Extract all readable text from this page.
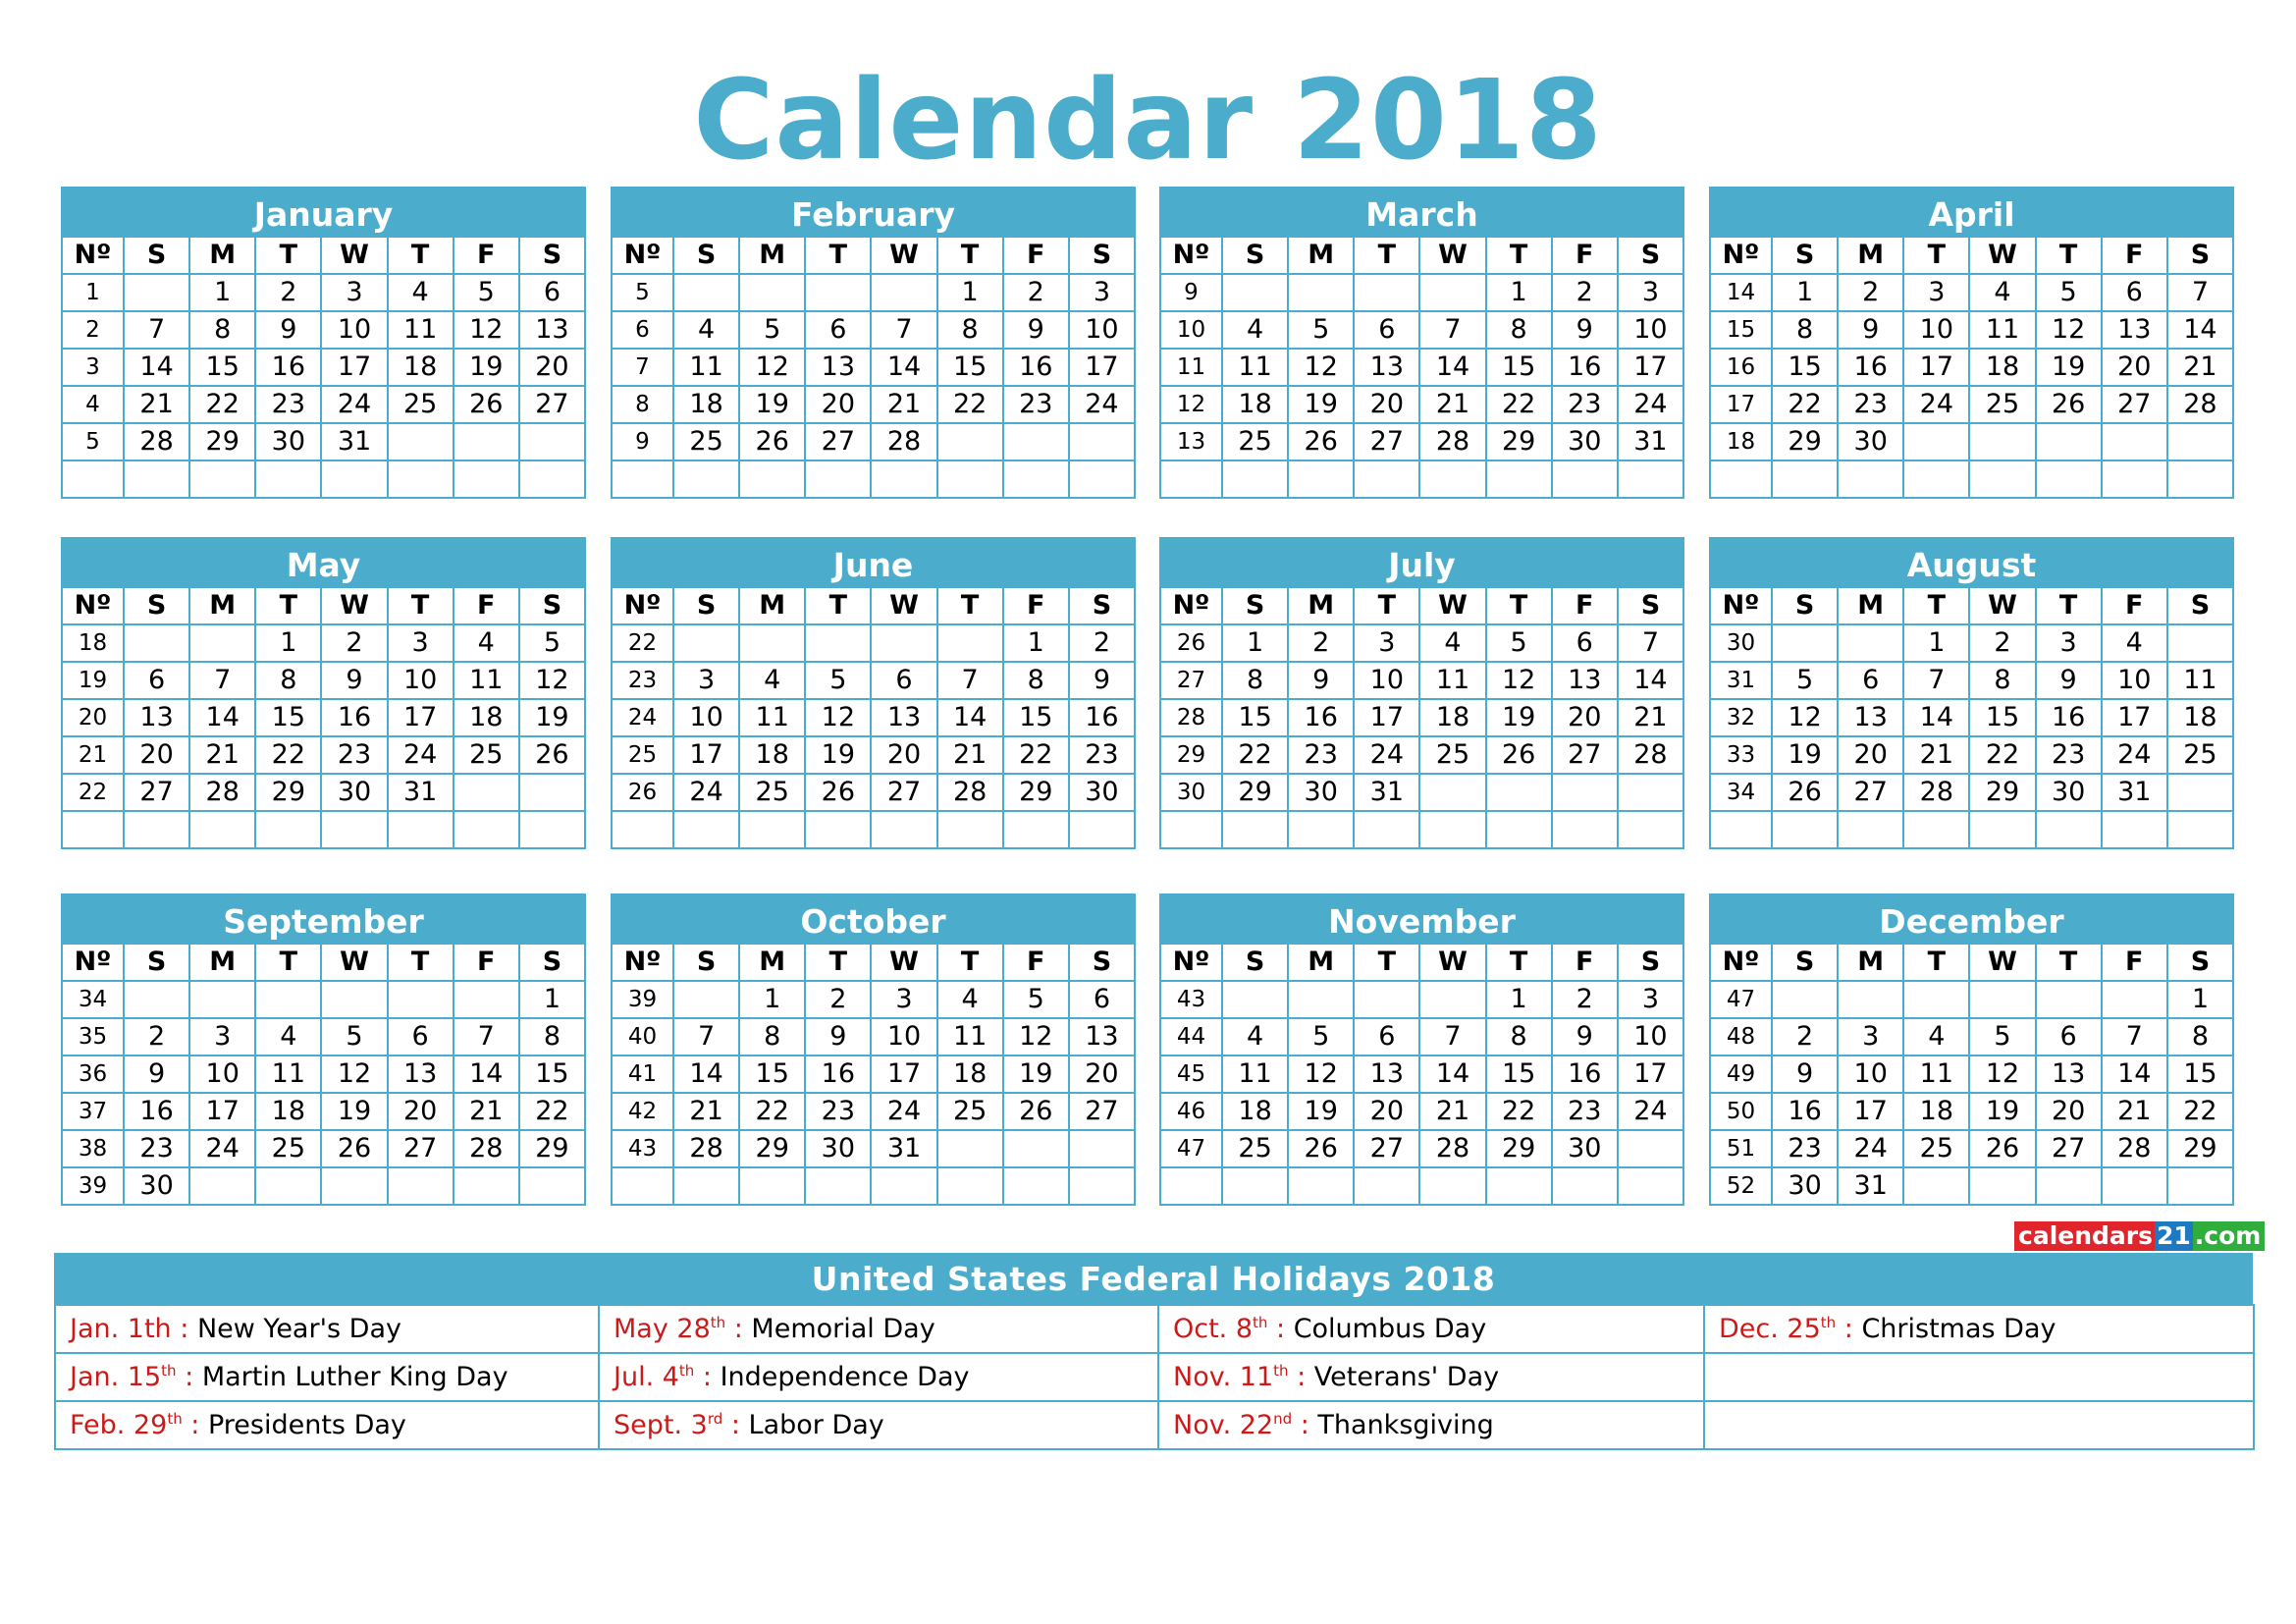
Calendar 2018
January
Nº	S	M	T	W	T	F	S
1		1	2	3	4	5	6
2	7	8	9	10	11	12	13
3	14	15	16	17	18	19	20
4	21	22	23	24	25	26	27
5	28	29	30	31			

February
Nº	S	M	T	W	T	F	S
5					1	2	3
6	4	5	6	7	8	9	10
7	11	12	13	14	15	16	17
8	18	19	20	21	22	23	24
9	25	26	27	28			

March
Nº	S	M	T	W	T	F	S
9					1	2	3
10	4	5	6	7	8	9	10
11	11	12	13	14	15	16	17
12	18	19	20	21	22	23	24
13	25	26	27	28	29	30	31

April
Nº	S	M	T	W	T	F	S
14	1	2	3	4	5	6	7
15	8	9	10	11	12	13	14
16	15	16	17	18	19	20	21
17	22	23	24	25	26	27	28
18	29	30					

May
Nº	S	M	T	W	T	F	S
18			1	2	3	4	5
19	6	7	8	9	10	11	12
20	13	14	15	16	17	18	19
21	20	21	22	23	24	25	26
22	27	28	29	30	31		

June
Nº	S	M	T	W	T	F	S
22						1	2
23	3	4	5	6	7	8	9
24	10	11	12	13	14	15	16
25	17	18	19	20	21	22	23
26	24	25	26	27	28	29	30

July
Nº	S	M	T	W	T	F	S
26	1	2	3	4	5	6	7
27	8	9	10	11	12	13	14
28	15	16	17	18	19	20	21
29	22	23	24	25	26	27	28
30	29	30	31				

August
Nº	S	M	T	W	T	F	S
30			1	2	3	4	
31	5	6	7	8	9	10	11
32	12	13	14	15	16	17	18
33	19	20	21	22	23	24	25
34	26	27	28	29	30	31	

September
Nº	S	M	T	W	T	F	S
34							1
35	2	3	4	5	6	7	8
36	9	10	11	12	13	14	15
37	16	17	18	19	20	21	22
38	23	24	25	26	27	28	29
39	30						
October
Nº	S	M	T	W	T	F	S
39		1	2	3	4	5	6
40	7	8	9	10	11	12	13
41	14	15	16	17	18	19	20
42	21	22	23	24	25	26	27
43	28	29	30	31			

November
Nº	S	M	T	W	T	F	S
43					1	2	3
44	4	5	6	7	8	9	10
45	11	12	13	14	15	16	17
46	18	19	20	21	22	23	24
47	25	26	27	28	29	30	

December
Nº	S	M	T	W	T	F	S
47							1
48	2	3	4	5	6	7	8
49	9	10	11	12	13	14	15
50	16	17	18	19	20	21	22
51	23	24	25	26	27	28	29
52	30	31					
calendars 21 .com
United States Federal Holidays 2018
Jan. 1th : New Year's Day	May 28th : Memorial Day	Oct. 8th : Columbus Day	Dec. 25th : Christmas Day
Jan. 15th : Martin Luther King Day	Jul. 4th : Independence Day	Nov. 11th : Veterans' Day	
Feb. 29th : Presidents Day	Sept. 3rd : Labor Day	Nov. 22nd : Thanksgiving	
